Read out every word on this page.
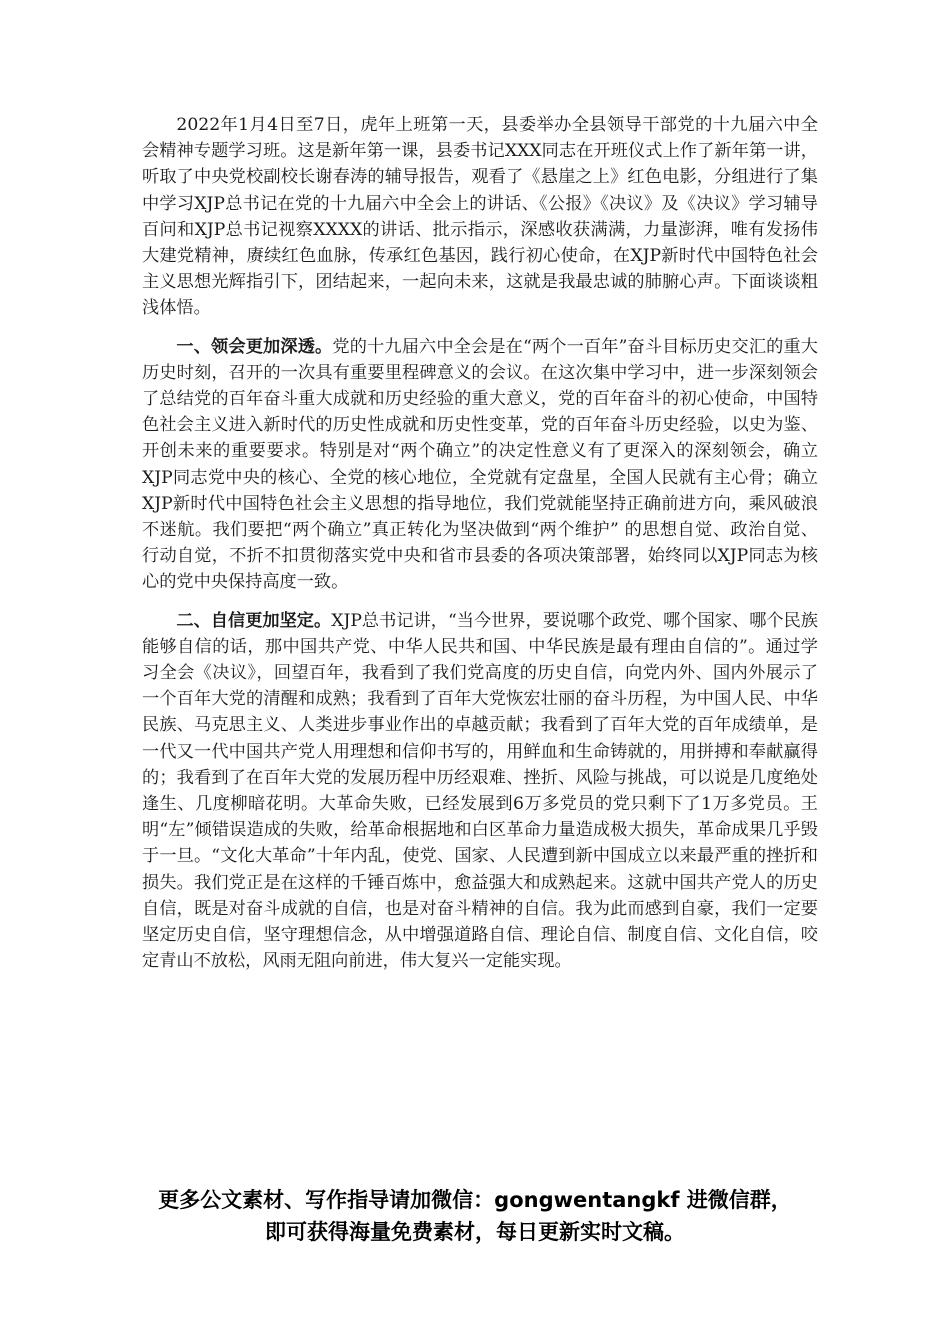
2022年1月4日至7日，虎年上班第一天，县委举办全县领导干部党的十九届六中全会精神专题学习班。这是新年第一课，县委书记XXX同志在开班仪式上作了新年第一讲，听取了中央党校副校长谢春涛的辅导报告，观看了《悬崖之上》红色电影，分组进行了集中学习XJP总书记在党的十九届六中全会上的讲话、《公报》《决议》及《决议》学习辅导百问和XJP总书记视察XXXX的讲话、批示指示，深感收获满满，力量澎湃，唯有发扬伟大建党精神，赓续红色血脉，传承红色基因，践行初心使命，在XJP新时代中国特色社会主义思想光辉指引下，团结起来，一起向未来，这就是我最忠诚的肺腑心声。下面谈谈粗浅体悟。

一、领会更加深透。党的十九届六中全会是在“两个一百年”奋斗目标历史交汇的重大历史时刻，召开的一次具有重要里程碑意义的会议。在这次集中学习中，进一步深刻领会了总结党的百年奋斗重大成就和历史经验的重大意义，党的百年奋斗的初心使命，中国特色社会主义进入新时代的历史性成就和历史性变革，党的百年奋斗历史经验，以史为鉴、开创未来的重要要求。特别是对“两个确立”的决定性意义有了更深入的深刻领会，确立XJP同志党中央的核心、全党的核心地位，全党就有定盘星，全国人民就有主心骨；确立XJP新时代中国特色社会主义思想的指导地位，我们党就能坚持正确前进方向，乘风破浪不迷航。我们要把“两个确立”真正转化为坚决做到“两个维护” 的思想自觉、政治自觉、行动自觉，不折不扣贯彻落实党中央和省市县委的各项决策部署，始终同以XJP同志为核心的党中央保持高度一致。

二、自信更加坚定。XJP总书记讲，“当今世界，要说哪个政党、哪个国家、哪个民族能够自信的话，那中国共产党、中华人民共和国、中华民族是最有理由自信的”。通过学习全会《决议》，回望百年，我看到了我们党高度的历史自信，向党内外、国内外展示了一个百年大党的清醒和成熟；我看到了百年大党恢宏壮丽的奋斗历程，为中国人民、中华民族、马克思主义、人类进步事业作出的卓越贡献；我看到了百年大党的百年成绩单，是一代又一代中国共产党人用理想和信仰书写的，用鲜血和生命铸就的，用拼搏和奉献赢得的；我看到了在百年大党的发展历程中历经艰难、挫折、风险与挑战，可以说是几度绝处逢生、几度柳暗花明。大革命失败，已经发展到6万多党员的党只剩下了1万多党员。王明“左”倾错误造成的失败，给革命根据地和白区革命力量造成极大损失，革命成果几乎毁于一旦。“文化大革命”十年内乱，使党、国家、人民遭到新中国成立以来最严重的挫折和损失。我们党正是在这样的千锤百炼中，愈益强大和成熟起来。这就中国共产党人的历史自信，既是对奋斗成就的自信，也是对奋斗精神的自信。我为此而感到自豪，我们一定要坚定历史自信，坚守理想信念，从中增强道路自信、理论自信、制度自信、文化自信，咬定青山不放松，风雨无阻向前进，伟大复兴一定能实现。

更多公文素材、写作指导请加微信：gongwentangkf 进微信群，
即可获得海量免费素材，每日更新实时文稿。
